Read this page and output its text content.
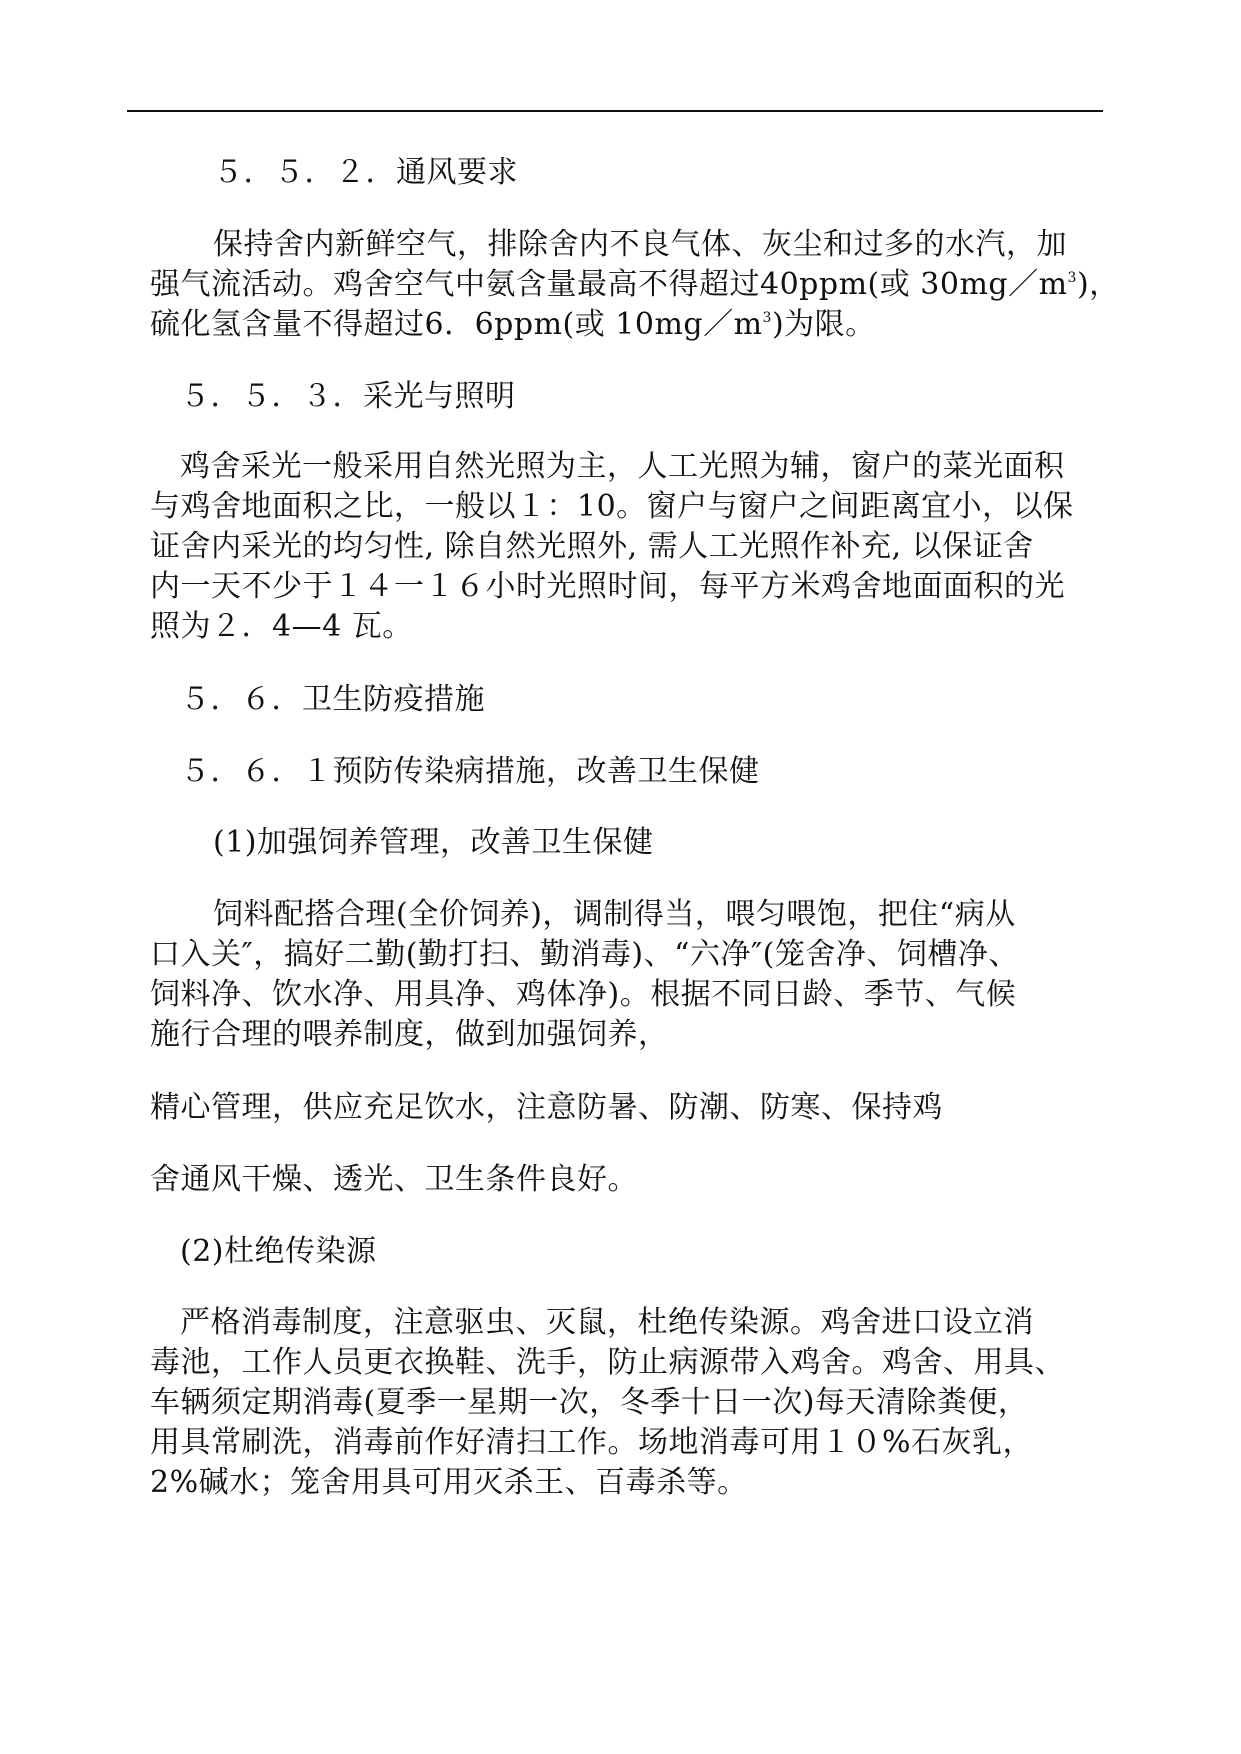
５．５．２．通风要求
保持舍内新鲜空气，排除舍内不良气体、灰尘和过多的水汽，加
强气流活动。鸡舍空气中氨含量最高不得超过40ppm(或 $30mg/m^3$)，
硫化氢含量不得超过6．6ppm(或 $10mg/m^3$)为限。
５．５．３．采光与照明
鸡舍采光一般采用自然光照为主，人工光照为辅，窗户的菜光面积
与鸡舍地面积之比，一般以１：10。窗户与窗户之间距离宜小，以保
证舍内采光的均匀性, 除自然光照外, 需人工光照作补充, 以保证舍
内一天不少于１４一１６小时光照时间，每平方米鸡舍地面面积的光
照为２．4—4 瓦。
５．６．卫生防疫措施
５．６．１预防传染病措施，改善卫生保健
(1)加强饲养管理，改善卫生保健
饲料配搭合理(全价饲养)，调制得当，喂匀喂饱，把住“病从
口入关″，搞好二勤(勤打扫、勤消毒)、“六净″(笼舍净、饲槽净、
饲料净、饮水净、用具净、鸡体净)。根据不同日龄、季节、气候
施行合理的喂养制度，做到加强饲养，
精心管理，供应充足饮水，注意防暑、防潮、防寒、保持鸡
舍通风干燥、透光、卫生条件良好。
(2)杜绝传染源
严格消毒制度，注意驱虫、灭鼠，杜绝传染源。鸡舍进口设立消
毒池，工作人员更衣换鞋、洗手，防止病源带入鸡舍。鸡舍、用具、
车辆须定期消毒(夏季一星期一次，冬季十日一次)每天清除粪便，
用具常刷洗，消毒前作好清扫工作。场地消毒可用１０%石灰乳，
2%碱水；笼舍用具可用灭杀王、百毒杀等。
